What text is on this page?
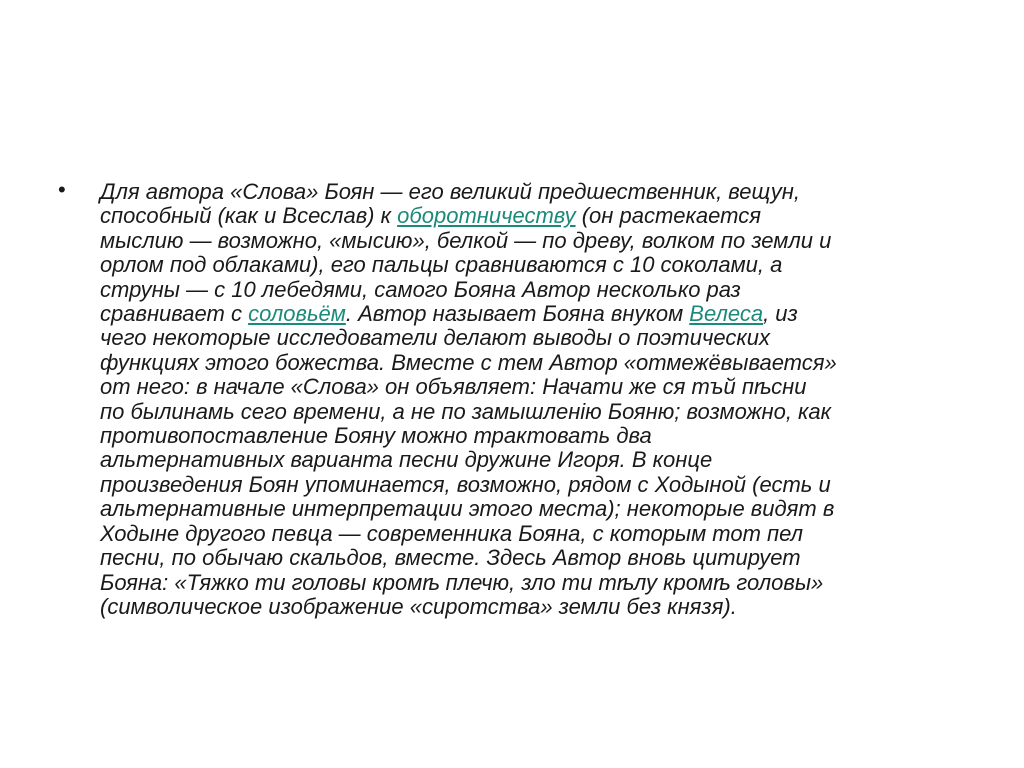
• Для автора «Слова» Боян — его великий предшественник, вещун,
способный (как и Всеслав) к оборотничеству (он растекается
мыслию — возможно, «мысию», белкой — по древу, волком по земли и
орлом под облаками), его пальцы сравниваются с 10 соколами, а
струны — с 10 лебедями, самого Бояна Автор несколько раз
сравнивает с соловьём. Автор называет Бояна внуком Велеса, из
чего некоторые исследователи делают выводы о поэтических
функциях этого божества. Вместе с тем Автор «отмежёвывается»
от него: в начале «Слова» он объявляет: Начати же ся тъй пѣсни
по былинамь сего времени, а не по замышленiю Бояню; возможно, как
противопоставление Бояну можно трактовать два
альтернативных варианта песни дружине Игоря. В конце
произведения Боян упоминается, возможно, рядом с Ходыной (есть и
альтернативные интерпретации этого места); некоторые видят в
Ходыне другого певца — современника Бояна, с которым тот пел
песни, по обычаю скальдов, вместе. Здесь Автор вновь цитирует
Бояна: «Тяжко ти головы кромѣ плечю, зло ти тѣлу кромѣ головы»
(символическое изображение «сиротства» земли без князя).
